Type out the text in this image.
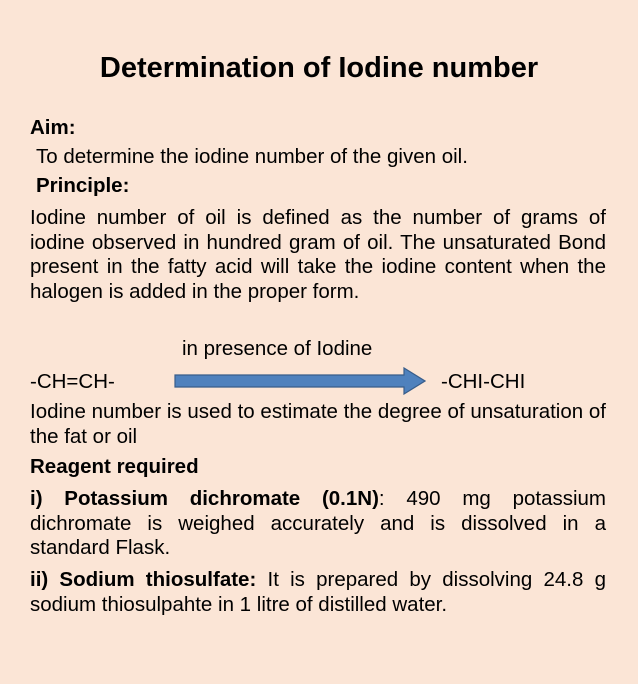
Determination of Iodine number
Aim:
To determine the iodine number of the given oil.
Principle:
Iodine number of oil is defined as the number of grams of iodine observed in hundred gram of oil. The unsaturated Bond present in the fatty acid will take the iodine content when the halogen is added in the proper form.
in presence of Iodine
-CH=CH-	-CHI-CHI
Iodine number is used to estimate the degree of unsaturation of the fat or oil
Reagent required
i) Potassium dichromate (0.1N): 490 mg potassium dichromate is weighed accurately and is dissolved in a standard Flask.
ii) Sodium thiosulfate: It is prepared by dissolving 24.8 g sodium thiosulpahte in 1 litre of distilled water.
